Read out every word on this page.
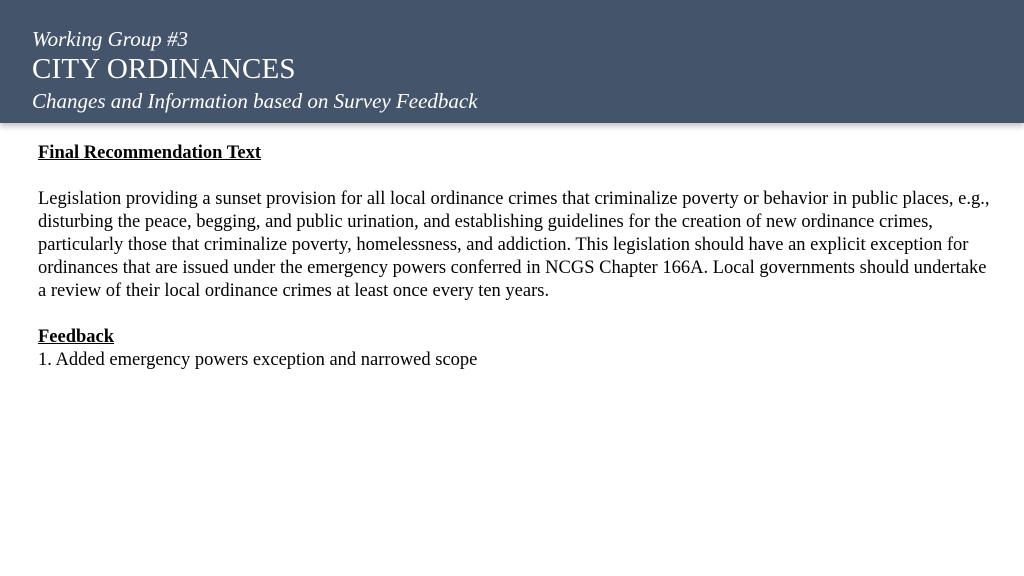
Working Group #3
CITY ORDINANCES
Changes and Information based on Survey Feedback
Final Recommendation Text
Legislation providing a sunset provision for all local ordinance crimes that criminalize poverty or behavior in public places, e.g., disturbing the peace, begging, and public urination, and establishing guidelines for the creation of new ordinance crimes, particularly those that criminalize poverty, homelessness, and addiction. This legislation should have an explicit exception for ordinances that are issued under the emergency powers conferred in NCGS Chapter 166A. Local governments should undertake a review of their local ordinance crimes at least once every ten years.
Feedback
1. Added emergency powers exception and narrowed scope
